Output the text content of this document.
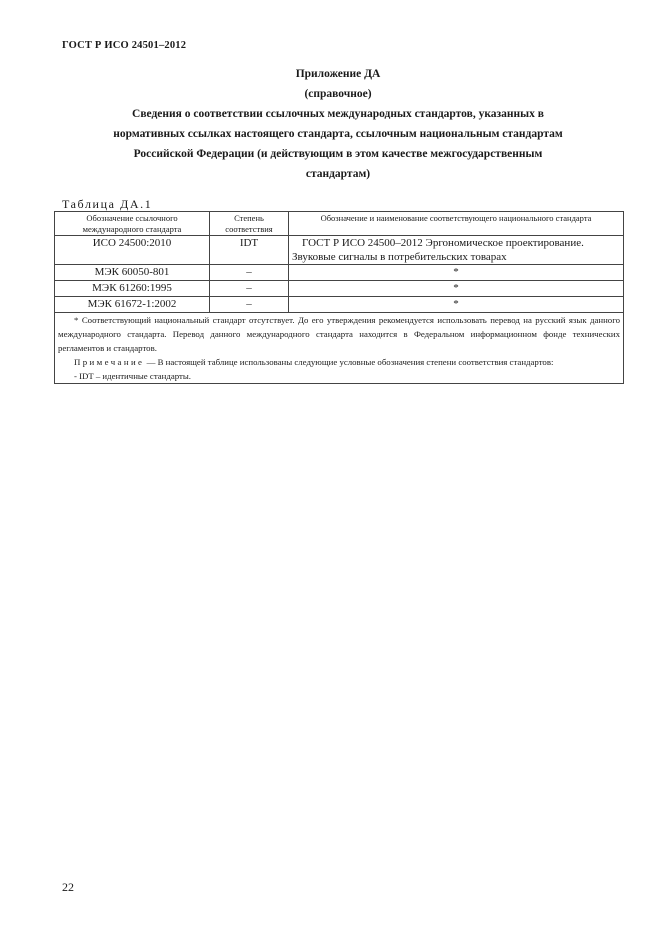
ГОСТ Р ИСО 24501–2012
Приложение ДА
(справочное)
Сведения о соответствии ссылочных международных стандартов, указанных в
нормативных ссылках настоящего стандарта, ссылочным национальным стандартам
Российской Федерации (и действующим в этом качестве межгосударственным
стандартам)
Таблица ДА.1
Обозначение ссылочного международного стандарта	Степень соответствия	Обозначение и наименование соответствующего национального стандарта
ИСО 24500:2010	IDT	ГОСТ Р ИСО 24500–2012 Эргономическое проектирование. Звуковые сигналы в потребительских товарах
МЭК 60050-801	–	*
МЭК 61260:1995	–	*
МЭК 61672-1:2002	–	*

* Соответствующий национальный стандарт отсутствует. До его утверждения рекомендуется использовать перевод на русский язык данного международного стандарта. Перевод данного международного стандарта находится в Федеральном информационном фонде технических регламентов и стандартов.

Примечание — В настоящей таблице использованы следующие условные обозначения степени соответствия стандартов:

- IDT – идентичные стандарты.		

22
